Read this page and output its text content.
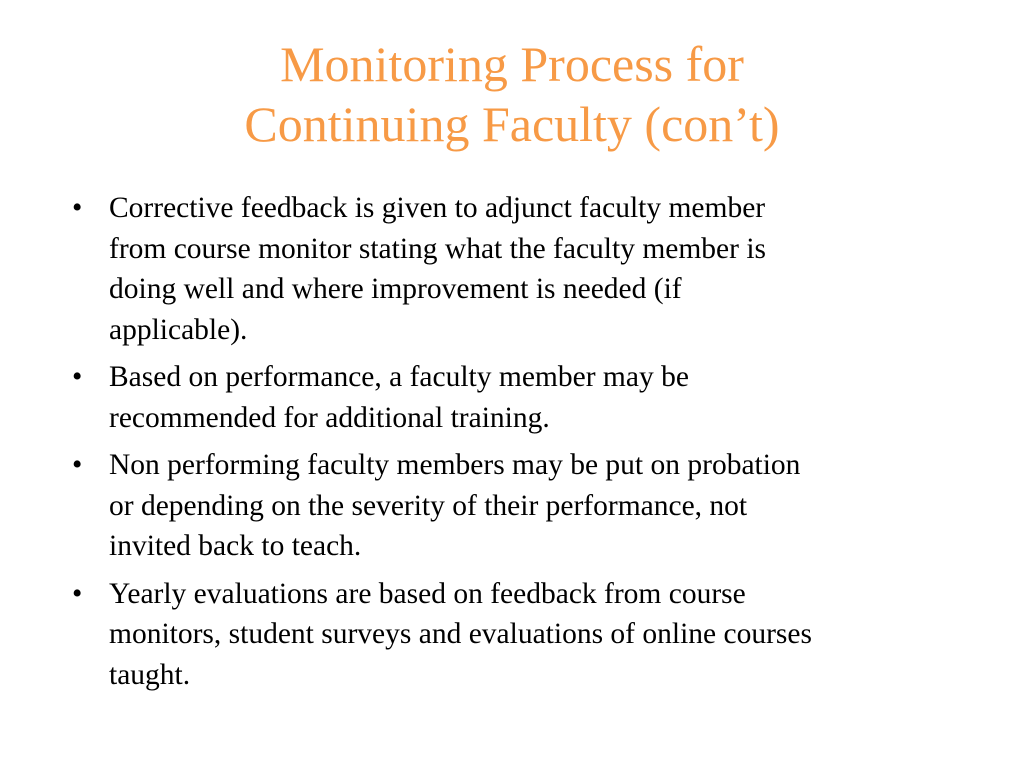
Monitoring Process for
Continuing Faculty (con’t)
• Corrective feedback is given to adjunct faculty member
from course monitor stating what the faculty member is
doing well and where improvement is needed (if
applicable).
• Based on performance, a faculty member may be
recommended for additional training.
• Non performing faculty members may be put on probation
or depending on the severity of their performance, not
invited back to teach.
• Yearly evaluations are based on feedback from course
monitors, student surveys and evaluations of online courses
taught.
